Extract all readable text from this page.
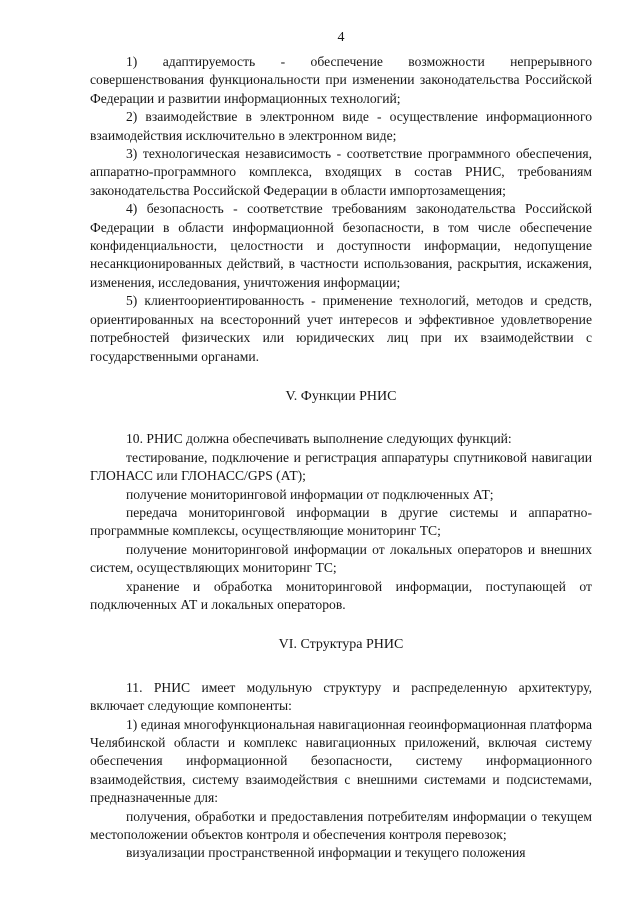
4

1) адаптируемость - обеспечение возможности непрерывного совершенствования функциональности при изменении законодательства Российской Федерации и развитии информационных технологий;

2) взаимодействие в электронном виде - осуществление информационного взаимодействия исключительно в электронном виде;

3) технологическая независимость - соответствие программного обеспечения, аппаратно-программного комплекса, входящих в состав РНИС, требованиям законодательства Российской Федерации в области импортозамещения;

4) безопасность - соответствие требованиям законодательства Российской Федерации в области информационной безопасности, в том числе обеспечение конфиденциальности, целостности и доступности информации, недопущение несанкционированных действий, в частности использования, раскрытия, искажения, изменения, исследования, уничтожения информации;

5) клиентоориентированность - применение технологий, методов и средств, ориентированных на всесторонний учет интересов и эффективное удовлетворение потребностей физических или юридических лиц при их взаимодействии с государственными органами.

V. Функции РНИС

10. РНИС должна обеспечивать выполнение следующих функций:

тестирование, подключение и регистрация аппаратуры спутниковой навигации ГЛОНАСС или ГЛОНАСС/GPS (АТ);

получение мониторинговой информации от подключенных АТ;

передача мониторинговой информации в другие системы и аппаратно-программные комплексы, осуществляющие мониторинг ТС;

получение мониторинговой информации от локальных операторов и внешних систем, осуществляющих мониторинг ТС;

хранение и обработка мониторинговой информации, поступающей от подключенных АТ и локальных операторов.

VI. Структура РНИС

11. РНИС имеет модульную структуру и распределенную архитектуру, включает следующие компоненты:

1) единая многофункциональная навигационная геоинформационная платформа Челябинской области и комплекс навигационных приложений, включая систему обеспечения информационной безопасности, систему информационного взаимодействия, систему взаимодействия с внешними системами и подсистемами, предназначенные для:

получения, обработки и предоставления потребителям информации о текущем местоположении объектов контроля и обеспечения контроля перевозок;

визуализации пространственной информации и текущего положения
